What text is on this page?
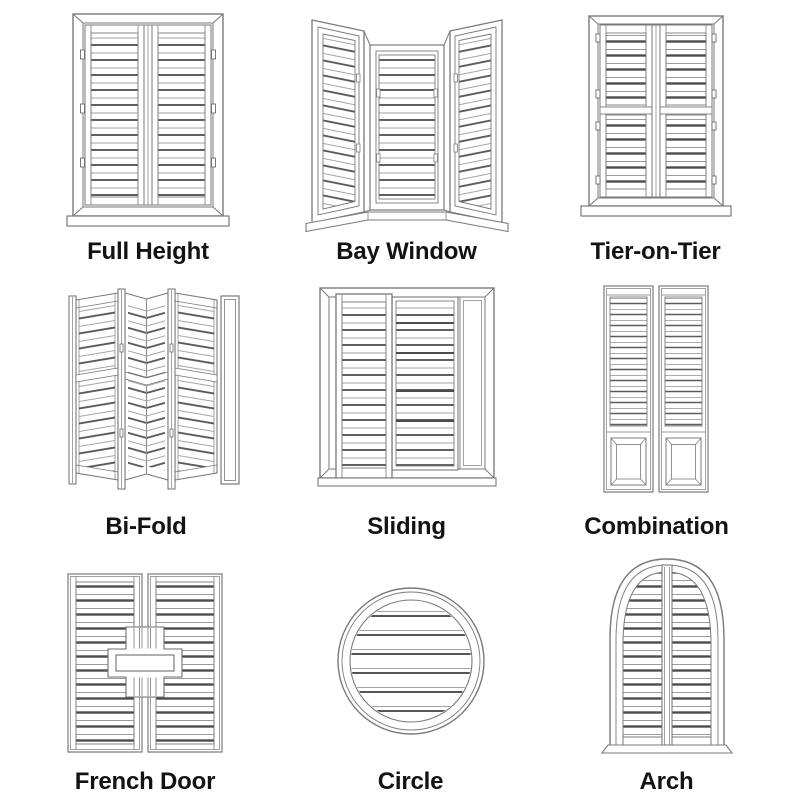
Full Height	Bay Window	Tier-on-Tier
Bi-Fold	Sliding	Combination
French Door	Circle	Arch
